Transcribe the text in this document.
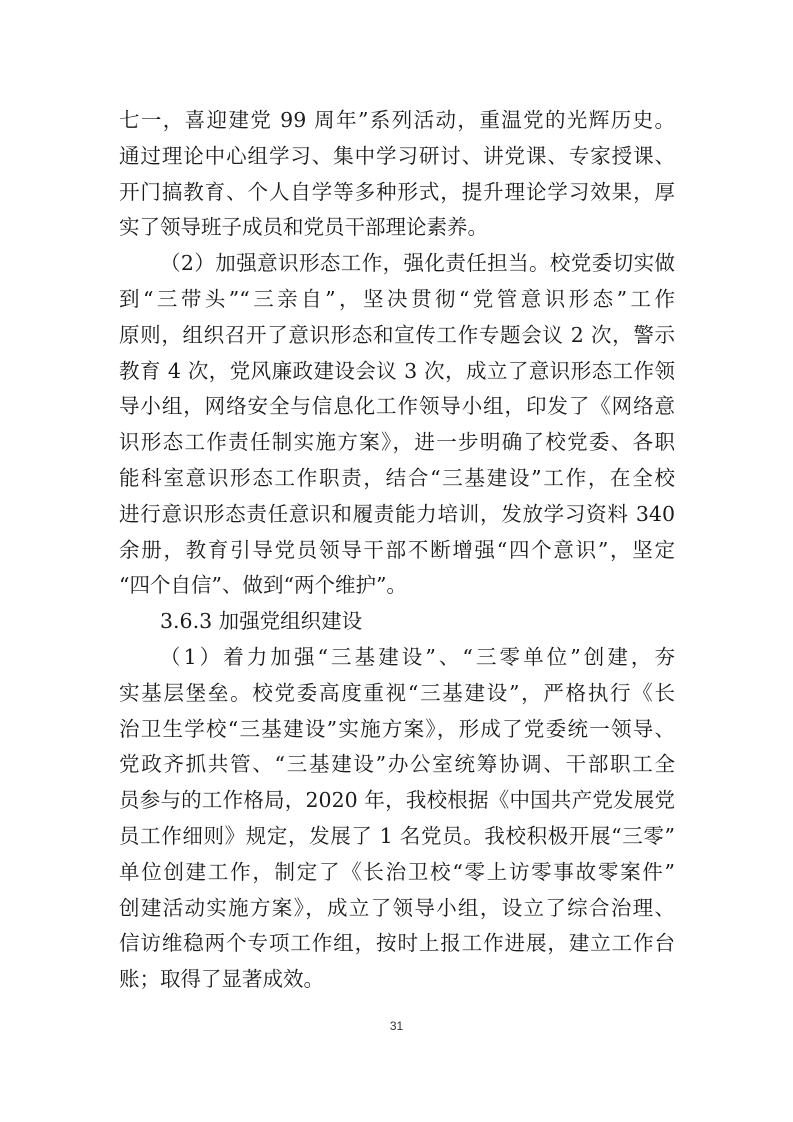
七一，喜迎建党 99 周年”系列活动，重温党的光辉历史。
通过理论中心组学习、集中学习研讨、讲党课、专家授课、
开门搞教育、个人自学等多种形式，提升理论学习效果，厚
实了领导班子成员和党员干部理论素养。
（2）加强意识形态工作，强化责任担当。校党委切实做
到“三带头”“三亲自”，坚决贯彻“党管意识形态”工作
原则，组织召开了意识形态和宣传工作专题会议 2 次，警示
教育 4 次，党风廉政建设会议 3 次，成立了意识形态工作领
导小组，网络安全与信息化工作领导小组，印发了《网络意
识形态工作责任制实施方案》，进一步明确了校党委、各职
能科室意识形态工作职责，结合“三基建设”工作，在全校
进行意识形态责任意识和履责能力培训，发放学习资料 340
余册，教育引导党员领导干部不断增强“四个意识”，坚定
“四个自信”、做到“两个维护”。
3.6.3 加强党组织建设
（1）着力加强“三基建设”、“三零单位”创建，夯
实基层堡垒。校党委高度重视“三基建设”，严格执行《长
治卫生学校“三基建设”实施方案》，形成了党委统一领导、
党政齐抓共管、“三基建设”办公室统筹协调、干部职工全
员参与的工作格局，2020 年，我校根据《中国共产党发展党
员工作细则》规定，发展了 1 名党员。我校积极开展“三零”
单位创建工作，制定了《长治卫校“零上访零事故零案件”
创建活动实施方案》，成立了领导小组，设立了综合治理、
信访维稳两个专项工作组，按时上报工作进展，建立工作台
账；取得了显著成效。
31
